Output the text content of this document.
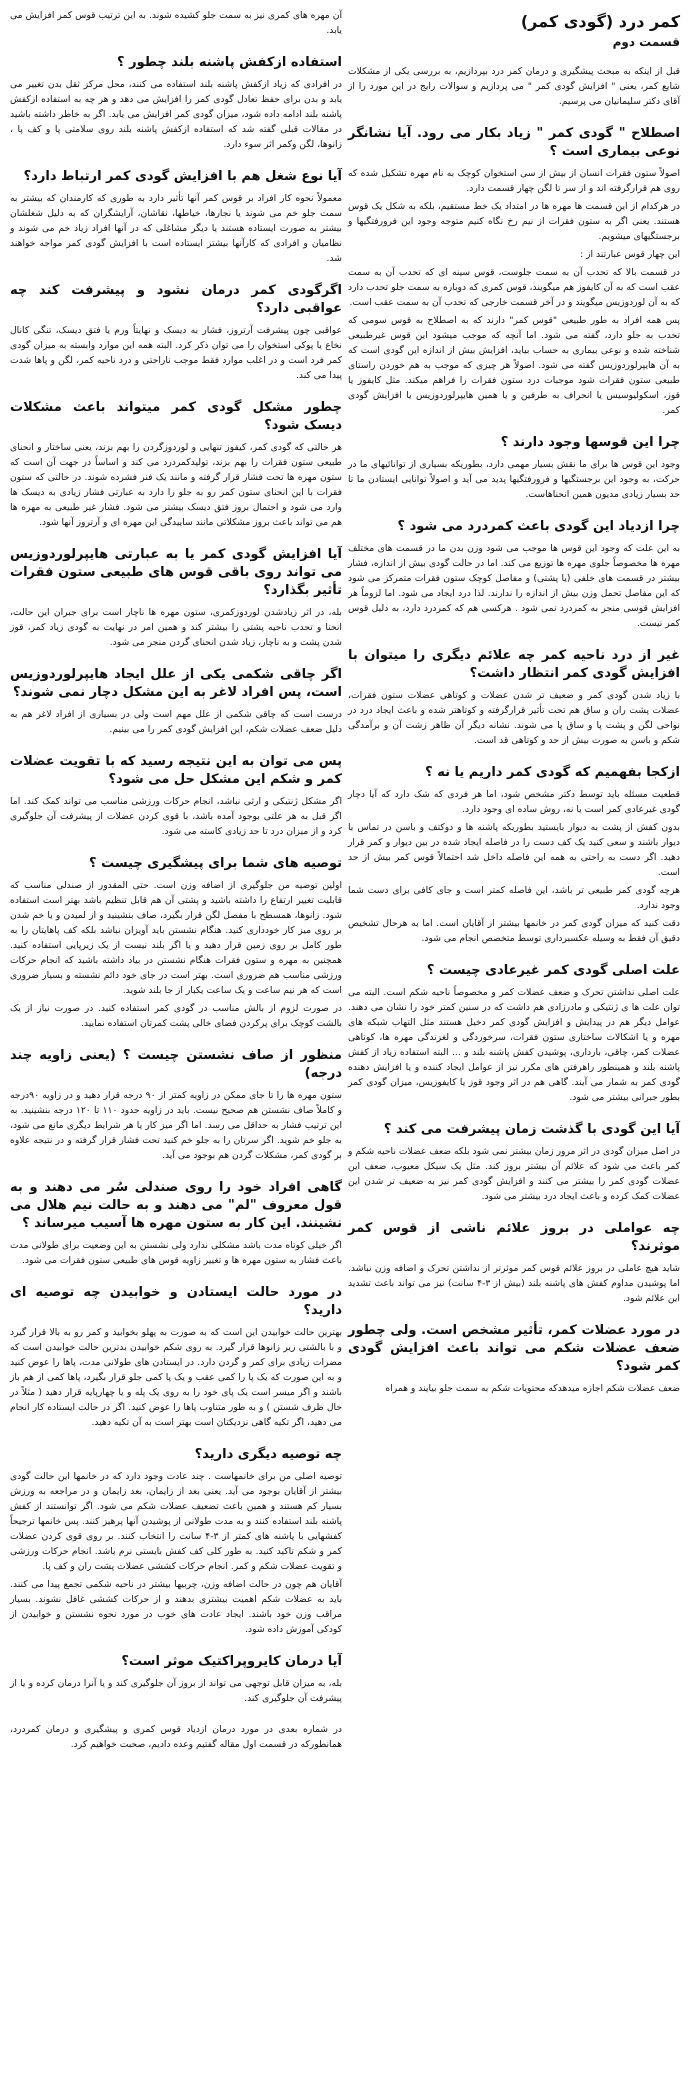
کمر درد (گودی کمر)
قسمت دوم

قبل از اینکه به مبحث پیشگیری و درمان کمر درد بپردازیم، به بررسی یکی از مشکلات شایع کمر، یعنی " افزایش گودی کمر " می پردازیم و سوالات رایج در این مورد را از آقای دکتر سلیمانیان می پرسیم.

اصطلاح " گودی کمر " زیاد بکار می رود. آیا نشانگر نوعی بیماری است ؟

اصولاً ستون فقرات انسان از بیش از سی استخوان کوچک به نام مهره تشکیل شده که روی هم قرارگرفته اند و از سر تا لگن چهار قسمت دارد.

در هرکدام از این قسمت ها مهره ها در امتداد یک خط مستقیم، بلکه به شکل یک قوس هستند. یعنی اگر به ستون فقرات از نیم رخ نگاه کنیم متوجه وجود این فرورفتگیها و برجستگیهای میشویم.

این چهار قوس عبارتند از :

در قسمت بالا که تحدب آن به سمت جلوست، قوس سینه ای که تحدب آن به سمت عقب است که به آن کایفوز هم میگویند، قوس کمری که دوباره به سمت جلو تحدب دارد که به آن لوردوزیس میگویند و در آخر قسمت خارجی که تحدب آن به سمت عقب است.

پس همه افراد به طور طبیعی "قوس کمر" دارند که به اصطلاح به قوس سومی که تحدب به جلو دارد، گفته می شود. اما آنچه که موجب میشود این قوس غیرطبیعی شناخته شده و نوعی بیماری به حساب بیاید، افزایش بیش از اندازه این گودی است که به آن هایپرلوردوزیس گفته می شود. اصولاً هر چیزی که موجب به هم خوردن راستای طبیعی ستون فقرات شود موجبات درد ستون فقرات را فراهم میکند. مثل کایفوز یا قوز، اسکولیوسیس یا انحراف به طرفین و یا همین هایپرلوردوزیس یا افزایش گودی کمر.

چرا این قوسها وجود دارند ؟

وجود این قوس ها برای ما نقش بسیار مهمی دارد، بطوریکه بسیاری از توانائیهای ما در حرکت، به وجود این برجستگیها و فرورفتگیها پدید می آید و اصولاً توانایی ایستادن ما تا حد بسیار زیادی مدیون همین انحناهاست.

چرا ازدیاد این گودی باعث کمردرد می شود ؟

به این علت که وجود این قوس ها موجب می شود وزن بدن ما در قسمت های مختلف مهره ها مخصوصاً جلوی مهره ها توزیع می کند. اما در حالت گودی بیش از اندازه، فشار بیشتر در قسمت های خلفی (یا پشتی) و مفاصل کوچک ستون فقرات متمرکز می شود که این مفاصل تحمل وزن بیش از اندازه را ندارند. لذا درد ایجاد می شود. اما لزوماً هر افزایش قوسی منجر به کمردرد نمی شود . هرکسی هم که کمردرد دارد، به دلیل قوس کمر نیست.

غیر از درد ناحیه کمر چه علائم دیگری را میتوان با افزایش گودی کمر انتظار داشت؟

با زیاد شدن گودی کمر و ضعیف تر شدن عضلات و کوتاهی عضلات ستون فقرات، عضلات پشت ران و ساق هم تحت تأثیر قرارگرفته و کوتاهتر شده و باعث ایجاد درد در نواحی لگن و پشت پا و ساق پا می شوند. نشانه دیگر آن ظاهر زشت آن و برآمدگی شکم و باسن به صورت بیش از حد و کوتاهی قد است.

ازکجا بفهمیم که گودی کمر داریم یا نه ؟

قطعیت مسئله باید توسط دکتر مشخص شود، اما هر فردی که شک دارد که آیا دچار گودی غیرعادی کمر است یا نه، روش ساده ای وجود دارد.

بدون کفش از پشت به دیوار بایستید بطوریکه پاشنه ها و دوکتف و باسن در تماس با دیوار باشند و سعی کنید یک کف دست را در فاصله ایجاد شده در بین دیوار و کمر قرار دهید. اگر دست به راحتی به همه این فاصله داخل شد احتمالاً قوس کمر بیش از حد است.

هرچه گودی کمر طبیعی تر باشد، این فاصله کمتر است و جای کافی برای دست شما وجود ندارد.

دقت کنید که میزان گودی کمر در خانمها بیشتر از آقایان است. اما به هرحال تشخیص دقیق آن فقط به وسیله عکسبرداری توسط متخصص انجام می شود.

علت اصلی گودی کمر غیرعادی چیست ؟

علت اصلی نداشتن تحرک و ضعف عضلات کمر و مخصوصاً ناحیه شکم است. البته می توان علت ها ی ژنتیکی و مادرزادی هم داشت که در سنین کمتر خود را نشان می دهند. عوامل دیگر هم در پیدایش و افزایش گودی کمر دخیل هستند مثل التهاب شبکه های مهره و یا اشکالات ساختاری ستون فقرات، سرخوردگی و لغزندگی مهره ها، کوتاهی عضلات کمر، چاقی، بارداری، پوشیدن کفش پاشنه بلند و ... البته استفاده زیاد از کفش پاشنه بلند و همینطور راهرفتن های مکرر نیز از عوامل ایجاد کننده و یا افزایش دهنده گودی کمر به شمار می آیند. گاهی هم در اثر وجود قوز یا کایفوزیس، میزان گودی کمر بطور جبرانی بیشتر می شود.

آیا این گودی با گذشت زمان پیشرفت می کند ؟

در اصل میزان گودی در اثر مرور زمان بیشتر نمی شود بلکه ضعف عضلات ناحیه شکم و کمر باعث می شود که علائم آن بیشتر بروز کند. مثل یک سیکل معیوب، ضعف این عضلات گودی کمر را بیشتر می کنند و افزایش گودی کمر نیز به ضعیف تر شدن این عضلات کمک کرده و باعث ایجاد درد بیشتر می شود.

چه عواملی در بروز علائم ناشی از قوس کمر موثرند؟

شاید هیچ عاملی در بروز علائم قوس کمر موثرتر از نداشتن تحرک و اضافه وزن نباشد. اما پوشیدن مداوم کفش های پاشنه بلند (بیش از ۳-۴ سانت) نیز می تواند باعث تشدید این علائم شود.

در مورد عضلات کمر، تأثیر مشخص است. ولی چطور ضعف عضلات شکم می تواند باعث افزایش گودی کمر شود؟

ضعف عضلات شکم اجازه میدهدکه محتویات شکم به سمت جلو بیایند و همراه

آن مهره های کمری نیز به سمت جلو کشیده شوند. به این ترتیب قوس کمر افزایش می یابد.

استفاده ازکفش پاشنه بلند چطور ؟

در افرادی که زیاد ازکفش پاشنه بلند استفاده می کنند، محل مرکز ثقل بدن تغییر می یابد و بدن برای حفظ تعادل گودی کمر را افزایش می دهد و هر چه به استفاده ازکفش پاشنه بلند ادامه داده شود، میزان گودی کمر افزایش می یابد. اگر به خاطر داشته باشید در مقالات قبلی گفته شد که استفاده ازکفش پاشنه بلند روی سلامتی پا و کف پا ، زانوها، لگن وکمر اثر سوء دارد.

آیا نوع شغل هم با افزایش گودی کمر ارتباط دارد؟

معمولاً نحوه کار افراد بر قوس کمر آنها تأثیر دارد به طوری که کارمندان که بیشتر به سمت جلو خم می شوند یا نجارها، خیاطها، نقاشان، آرایشگران که به دلیل شغلشان بیشتر به صورت ایستاده هستند یا دیگر مشاغلی که در آنها افراد زیاد خم می شوند و نظامیان و افرادی که کارآنها بیشتر ایستاده است با افزایش گودی کمر مواجه خواهند شد.

اگرگودی کمر درمان نشود و پیشرفت کند چه عواقبی دارد؟

عواقبی چون پیشرفت آرتروز، فشار به دیسک و نهایتاً ورم یا فتق دیسک، تنگی کانال نخاع یا پوکی استخوان را می توان ذکر کرد. البته همه این موارد وابسته به میزان گودی کمر فرد است و در اغلب موارد فقط موجب ناراحتی و درد ناحیه کمر، لگن و پاها شدت پیدا می کند.

چطور مشکل گودی کمر میتواند باعث مشکلات دیسک شود؟

هر حالتی که گودی کمر، کیفوز تنهایی و لوردوزگردن را بهم بزند، یعنی ساختار و انحنای طبیعی ستون فقرات را بهم بزند، تولیدکمردرد می کند و اساساً در جهت آن است که ستون مهره ها تحت فشار قرار گرفته و مانند یک فنر فشرده شوند. در حالتی که ستون فقرات با این انحنای ستون کمر رو به جلو را دارد به عبارتی فشار زیادی به دیسک ها وارد می شود و احتمال بروز فتق دیسک بیشتر می شود. فشار غیر طبیعی به مهره ها هم می تواند باعث بروز مشکلاتی مانند ساییدگی این مهره ای و آرتروز آنها شود.

آیا افزایش گودی کمر یا به عبارتی هایپرلوردوزیس می تواند روی باقی قوس های طبیعی ستون فقرات تأثیر بگذارد؟

بله، در اثر زیادشدن لوردوزکمری، ستون مهره ها ناچار است برای جبران این حالت، انحنا و تحدب ناحیه پشتی را بیشتر کند و همین امر در نهایت به گودی زیاد کمر، قوز شدن پشت و به ناچار، زیاد شدن انحنای گردن منجر می شود.

اگر چاقی شکمی یکی از علل ایجاد هایپرلوردوزیس است، پس افراد لاغر به این مشکل دچار نمی شوند؟

درست است که چاقی شکمی از علل مهم است ولی در بسیاری از افراد لاغر هم به دلیل ضعف عضلات شکم، این افزایش گودی کمر را می بینیم.

پس می توان به این نتیجه رسید که با تقویت عضلات کمر و شکم این مشکل حل می شود؟

اگر مشکل ژنتیکی و ارثی نباشد، انجام حرکات ورزشی مناسب می تواند کمک کند. اما اگر قبل به هر علتی بوجود آمده باشد، با قوی کردن عضلات از پیشرفت آن جلوگیری کرد و از میزان درد تا حد زیادی کاسته می شود.

توصیه های شما برای پیشگیری چیست ؟

اولین توصیه من جلوگیری از اضافه وزن است. حتی المقدور از صندلی مناسب که قابلیت تغییر ارتفاع را داشته باشید و پشتی آن هم قابل تنظیم باشد بهتر است استفاده شود. زانوها، همسطح با مفصل لگن قرار بگیرد، صاف بنشینید و از لمیدن و یا خم شدن بر روی میز کار خودداری کنید. هنگام نشستن باید آویزان نباشد بلکه کف پاهایتان را به طور کامل بر روی زمین قرار دهید و یا اگر بلند نیست از یک زیرپایی استفاده کنید. همچنین به مهره و ستون فقرات هنگام نشستن در بیاد داشته باشید که انجام حرکات ورزشی مناسب هم ضروری است. بهتر است در جای خود دائم نشسته و بسیار ضروری است که هر نیم ساعت و یک ساعت یکبار از جا بلند شوید.

در صورت لزوم از بالش مناسب در گودی کمر استفاده کنید. در صورت نیاز از یک بالشت کوچک برای پرکردن فضای خالی پشت کمرتان استفاده نمایید.

منظور از صاف نشستن چیست ؟ (یعنی زاویه چند درجه)

ستون مهره ها را تا جای ممکن در زاویه کمتر از ۹۰ درجه قرار دهید و در زاویه ۹۰درجه و کاملاً صاف نشستن هم صحیح نیست. باید در زاویه حدود ۱۱۰ تا ۱۲۰ درجه بنشینید. به این ترتیب فشار به حداقل می رسد. اما اگر میز کار یا هر شرایط دیگری مانع می شود، به جلو خم شوید. اگر سرتان را به جلو خم کنید تحت فشار قرار گرفته و در نتیجه علاوه بر گودی کمر، مشکلات گردن هم بوجود می آید.

گاهی افراد خود را روی صندلی سُر می دهند و به قول معروف "لم" می دهند و به حالت نیم هلال می نشینند. این کار به ستون مهره ها آسیب میرساند ؟

اگر خیلی کوتاه مدت باشد مشکلی ندارد ولی نشستن به این وضعیت برای طولانی مدت باعث فشار به ستون مهره ها و تغییر زاویه قوس های طبیعی ستون فقرات می شود.

در مورد حالت ایستادن و خوابیدن چه توصیه ای دارید؟

بهترین حالت خوابیدن این است که به صورت به پهلو بخوابید و کمر رو به بالا قرار گیرد و با بالشتی زیر زانوها قرار گیرد. به روی شکم خوابیدن بدترین حالت خوابیدن است که مضرات زیادی برای کمر و گردن دارد. در ایستادن های طولانی مدت، پاها را عوض کنید و به این صورت که یک پا را کمی عقب و یک پا کمی جلو قرار بگیرد، پاها کمی از هم باز باشند و اگر میسر است یک پای خود را به روی یک پله و یا چهارپایه قرار دهید ( مثلاً در حال ظرف شستن ) و به طور متناوب پاها را عوض کنید. اگر در حالت ایستاده کار انجام می دهید، اگر تکیه گاهی نزدیکتان است بهتر است به آن تکیه دهید.

چه توصیه دیگری دارید؟

توصیه اصلی من برای خانمهاست . چند عادت وجود دارد که در خانمها این حالت گودی بیشتر از آقایان بوجود می آید. یعنی بعد از زایمان، بعد زایمان و در مراجعه به ورزش بسیار کم هستند و همین باعث تضعیف عضلات شکم می شود. اگر توانستند از کفش پاشنه بلند استفاده کنند و به مدت طولانی از پوشیدن آنها پرهیز کنند. پس خانمها ترجیحاً کفشهایی با پاشنه های کمتر از ۳-۴ سانت را انتخاب کنند. بر روی قوی کردن عضلات کمر و شکم تاکید کنید. به طور کلی کف کفش بایستی نرم باشد. انجام حرکات ورزشی و تقویت عضلات شکم و کمر. انجام حرکات کششی عضلات پشت ران و کف پا.

آقایان هم چون در حالت اضافه وزن، چربیها بیشتر در ناحیه شکمی تجمع پیدا می کنند. باید به عضلات شکم اهمیت بیشتری بدهند و از حرکات کششی غافل نشوند. بسیار مراقب وزن خود باشند. ایجاد عادت های خوب در مورد نحوه نشستن و خوابیدن از کودکی آموزش داده شود.

آیا درمان کایروپراکتیک موثر است؟

بله، به میزان قابل توجهی می تواند از بروز آن جلوگیری کند و یا آنرا درمان کرده و یا از پیشرفت آن جلوگیری کند.

در شماره بعدی در مورد درمان ازدیاد قوس کمری و پیشگیری و درمان کمردرد، همانطورکه در قسمت اول مقاله گفتیم وعده دادیم، صحبت خواهیم کرد.
